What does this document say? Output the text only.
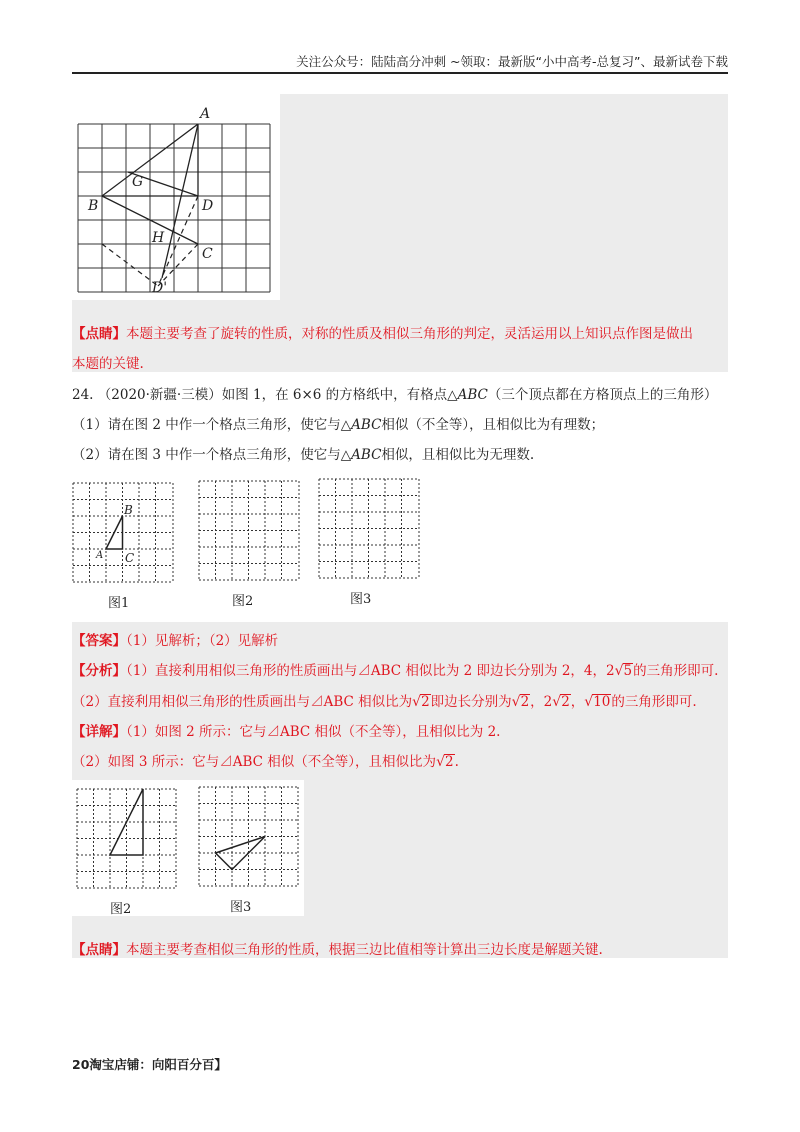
关注公众号：陆陆高分冲刺 ~领取：最新版“小中高考-总复习”、最新试卷下载
A
G
B	D
H
C
D'
【点睛】本题主要考查了旋转的性质，对称的性质及相似三角形的判定，灵活运用以上知识点作图是做出
本题的关键.
24. （2020·新疆·三模）如图 1，在 6×6 的方格纸中，有格点△ABC（三个顶点都在方格顶点上的三角形）
（1）请在图 2 中作一个格点三角形，使它与△ABC相似（不全等），且相似比为有理数；
（2）请在图 3 中作一个格点三角形，使它与△ABC相似，且相似比为无理数.
B
A C
图1	图2	图3
【答案】（1）见解析；（2）见解析
【分析】（1）直接利用相似三角形的性质画出与⊿ABC 相似比为 2 即边长分别为 2，4，2√5的三角形即可.
（2）直接利用相似三角形的性质画出与⊿ABC 相似比为√2即边长分别为√2，2√2，√10的三角形即可.
【详解】（1）如图 2 所示：它与⊿ABC 相似（不全等），且相似比为 2.
（2）如图 3 所示：它与⊿ABC 相似（不全等），且相似比为√2.
图2	图3
【点睛】本题主要考查相似三角形的性质，根据三边比值相等计算出三边长度是解题关键.
20淘宝店铺：向阳百分百】
